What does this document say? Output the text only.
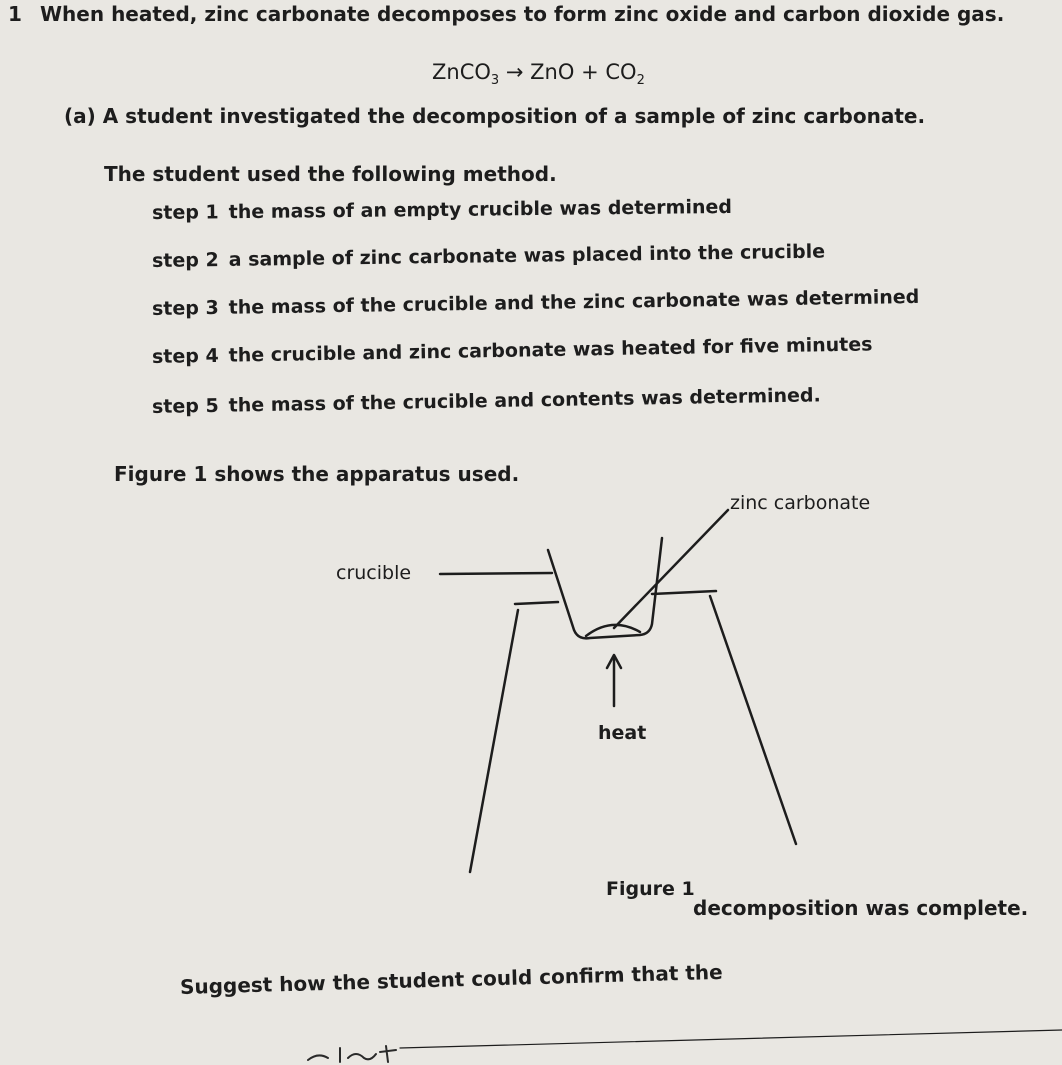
1 When heated, zinc carbonate decomposes to form zinc oxide and carbon dioxide gas.
ZnCO$_3$ → ZnO + $CO_2$
(a) A student investigated the decomposition of a sample of zinc carbonate.
The student used the following method.
step 1 the mass of an empty crucible was determined
step 2 a sample of zinc carbonate was placed into the crucible
step 3 the mass of the crucible and the zinc carbonate was determined
step 4 the crucible and zinc carbonate was heated for five minutes
step 5 the mass of the crucible and contents was determined.
Figure 1 shows the apparatus used.
zinc carbonate
crucible
heat
Figure 1
Suggest how the student could confirm that the
decomposition was complete.
